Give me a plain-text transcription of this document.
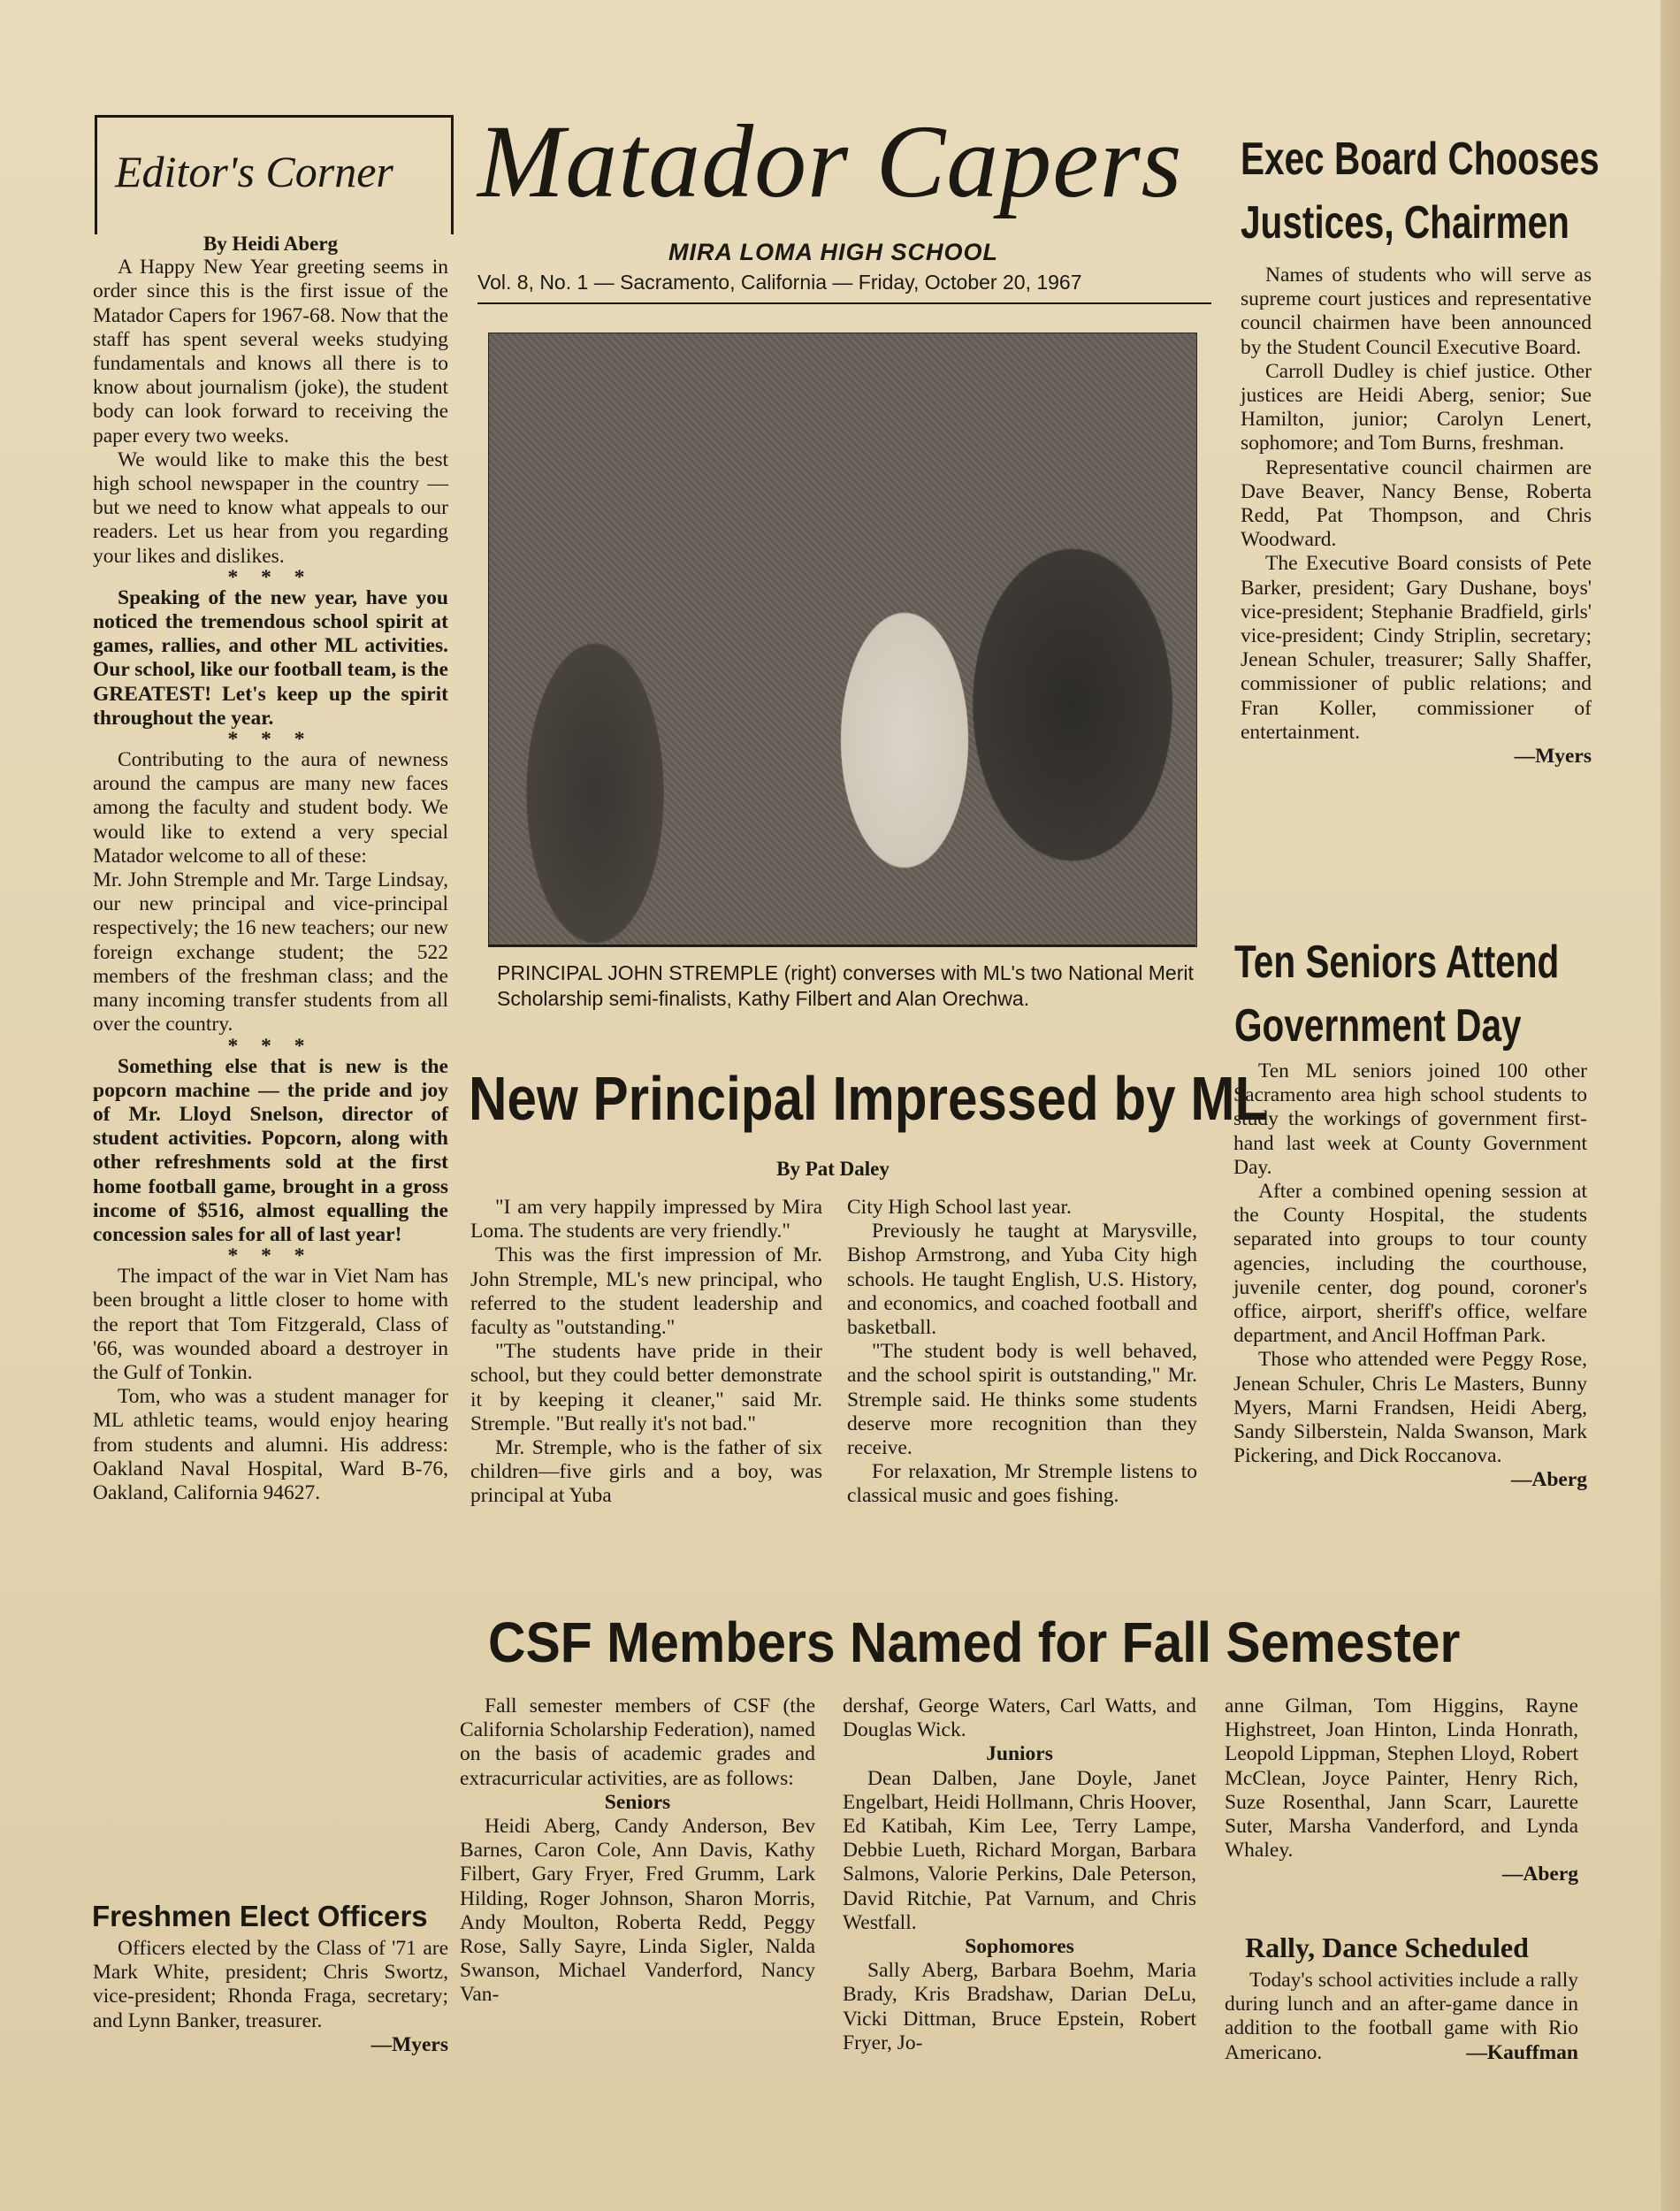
Editor's Corner Matador Capers
MIRA LOMA HIGH SCHOOL
Vol. 8, No. 1 — Sacramento, California — Friday, October 20, 1967

By Heidi Aberg

A Happy New Year greeting seems in order since this is the first issue of the Matador Capers for 1967-68. Now that the staff has spent several weeks studying fundamentals and knows all there is to know about journalism (joke), the student body can look forward to receiving the paper every two weeks.

We would like to make this the best high school newspaper in the country — but we need to know what appeals to our readers. Let us hear from you regarding your likes and dislikes.

* * *

Speaking of the new year, have you noticed the tremendous school spirit at games, rallies, and other ML activities. Our school, like our football team, is the GREATEST! Let's keep up the spirit throughout the year.

* * *

Contributing to the aura of newness around the campus are many new faces among the faculty and student body. We would like to extend a very special Matador welcome to all of these:

Mr. John Stremple and Mr. Targe Lindsay, our new principal and vice-principal respectively; the 16 new teachers; our new foreign exchange student; the 522 members of the freshman class; and the many incoming transfer students from all over the country.

* * *

Something else that is new is the popcorn machine — the pride and joy of Mr. Lloyd Snelson, director of student activities. Popcorn, along with other refreshments sold at the first home football game, brought in a gross income of $516, almost equalling the concession sales for all of last year!

* * *

The impact of the war in Viet Nam has been brought a little closer to home with the report that Tom Fitzgerald, Class of '66, was wounded aboard a destroyer in the Gulf of Tonkin.

Tom, who was a student manager for ML athletic teams, would enjoy hearing from students and alumni. His address: Oakland Naval Hospital, Ward B-76, Oakland, California 94627.

Freshmen Elect Officers

Officers elected by the Class of '71 are Mark White, president; Chris Swortz, vice-president; Rhonda Fraga, secretary; and Lynn Banker, treasurer.

—Myers

PRINCIPAL JOHN STREMPLE (right) converses with ML's two National Merit Scholarship semi-finalists, Kathy Filbert and Alan Orechwa.
New Principal Impressed by ML

By Pat Daley

"I am very happily impressed by Mira Loma. The students are very friendly."

This was the first impression of Mr. John Stremple, ML's new principal, who referred to the student leadership and faculty as "outstanding."

"The students have pride in their school, but they could better demonstrate it by keeping it cleaner," said Mr. Stremple. "But really it's not bad."

Mr. Stremple, who is the father of six children—five girls and a boy, was principal at Yuba

City High School last year.

Previously he taught at Marysville, Bishop Armstrong, and Yuba City high schools. He taught English, U.S. History, and economics, and coached football and basketball.

"The student body is well behaved, and the school spirit is outstanding," Mr. Stremple said. He thinks some students deserve more recognition than they receive.

For relaxation, Mr Stremple listens to classical music and goes fishing.

Exec Board Chooses
Justices, Chairmen

Names of students who will serve as supreme court justices and representative council chairmen have been announced by the Student Council Executive Board.

Carroll Dudley is chief justice. Other justices are Heidi Aberg, senior; Sue Hamilton, junior; Carolyn Lenert, sophomore; and Tom Burns, freshman.

Representative council chairmen are Dave Beaver, Nancy Bense, Roberta Redd, Pat Thompson, and Chris Woodward.

The Executive Board consists of Pete Barker, president; Gary Dushane, boys' vice-president; Stephanie Bradfield, girls' vice-president; Cindy Striplin, secretary; Jenean Schuler, treasurer; Sally Shaffer, commissioner of public relations; and Fran Koller, commissioner of entertainment.

—Myers

Ten Seniors Attend
Government Day

Ten ML seniors joined 100 other Sacramento area high school students to study the workings of government first-hand last week at County Government Day.

After a combined opening session at the County Hospital, the students separated into groups to tour county agencies, including the courthouse, juvenile center, dog pound, coroner's office, airport, sheriff's office, welfare department, and Ancil Hoffman Park.

Those who attended were Peggy Rose, Jenean Schuler, Chris Le Masters, Bunny Myers, Marni Frandsen, Heidi Aberg, Sandy Silberstein, Nalda Swanson, Mark Pickering, and Dick Roccanova.

—Aberg

CSF Members Named for Fall Semester

Fall semester members of CSF (the California Scholarship Federation), named on the basis of academic grades and extracurricular activities, are as follows:

Seniors

Heidi Aberg, Candy Anderson, Bev Barnes, Caron Cole, Ann Davis, Kathy Filbert, Gary Fryer, Fred Grumm, Lark Hilding, Roger Johnson, Sharon Morris, Andy Moulton, Roberta Redd, Peggy Rose, Sally Sayre, Linda Sigler, Nalda Swanson, Michael Vanderford, Nancy Van-

dershaf, George Waters, Carl Watts, and Douglas Wick.

Juniors

Dean Dalben, Jane Doyle, Janet Engelbart, Heidi Hollmann, Chris Hoover, Ed Katibah, Kim Lee, Terry Lampe, Debbie Lueth, Richard Morgan, Barbara Salmons, Valorie Perkins, Dale Peterson, David Ritchie, Pat Varnum, and Chris Westfall.

Sophomores

Sally Aberg, Barbara Boehm, Maria Brady, Kris Bradshaw, Darian DeLu, Vicki Dittman, Bruce Epstein, Robert Fryer, Jo-

anne Gilman, Tom Higgins, Rayne Highstreet, Joan Hinton, Linda Honrath, Leopold Lippman, Stephen Lloyd, Robert McClean, Joyce Painter, Henry Rich, Suze Rosenthal, Jann Scarr, Laurette Suter, Marsha Vanderford, and Lynda Whaley.

—Aberg

Rally, Dance Scheduled

Today's school activities include a rally during lunch and an after-game dance in addition to the football game with Rio Americano.	—Kauffman
